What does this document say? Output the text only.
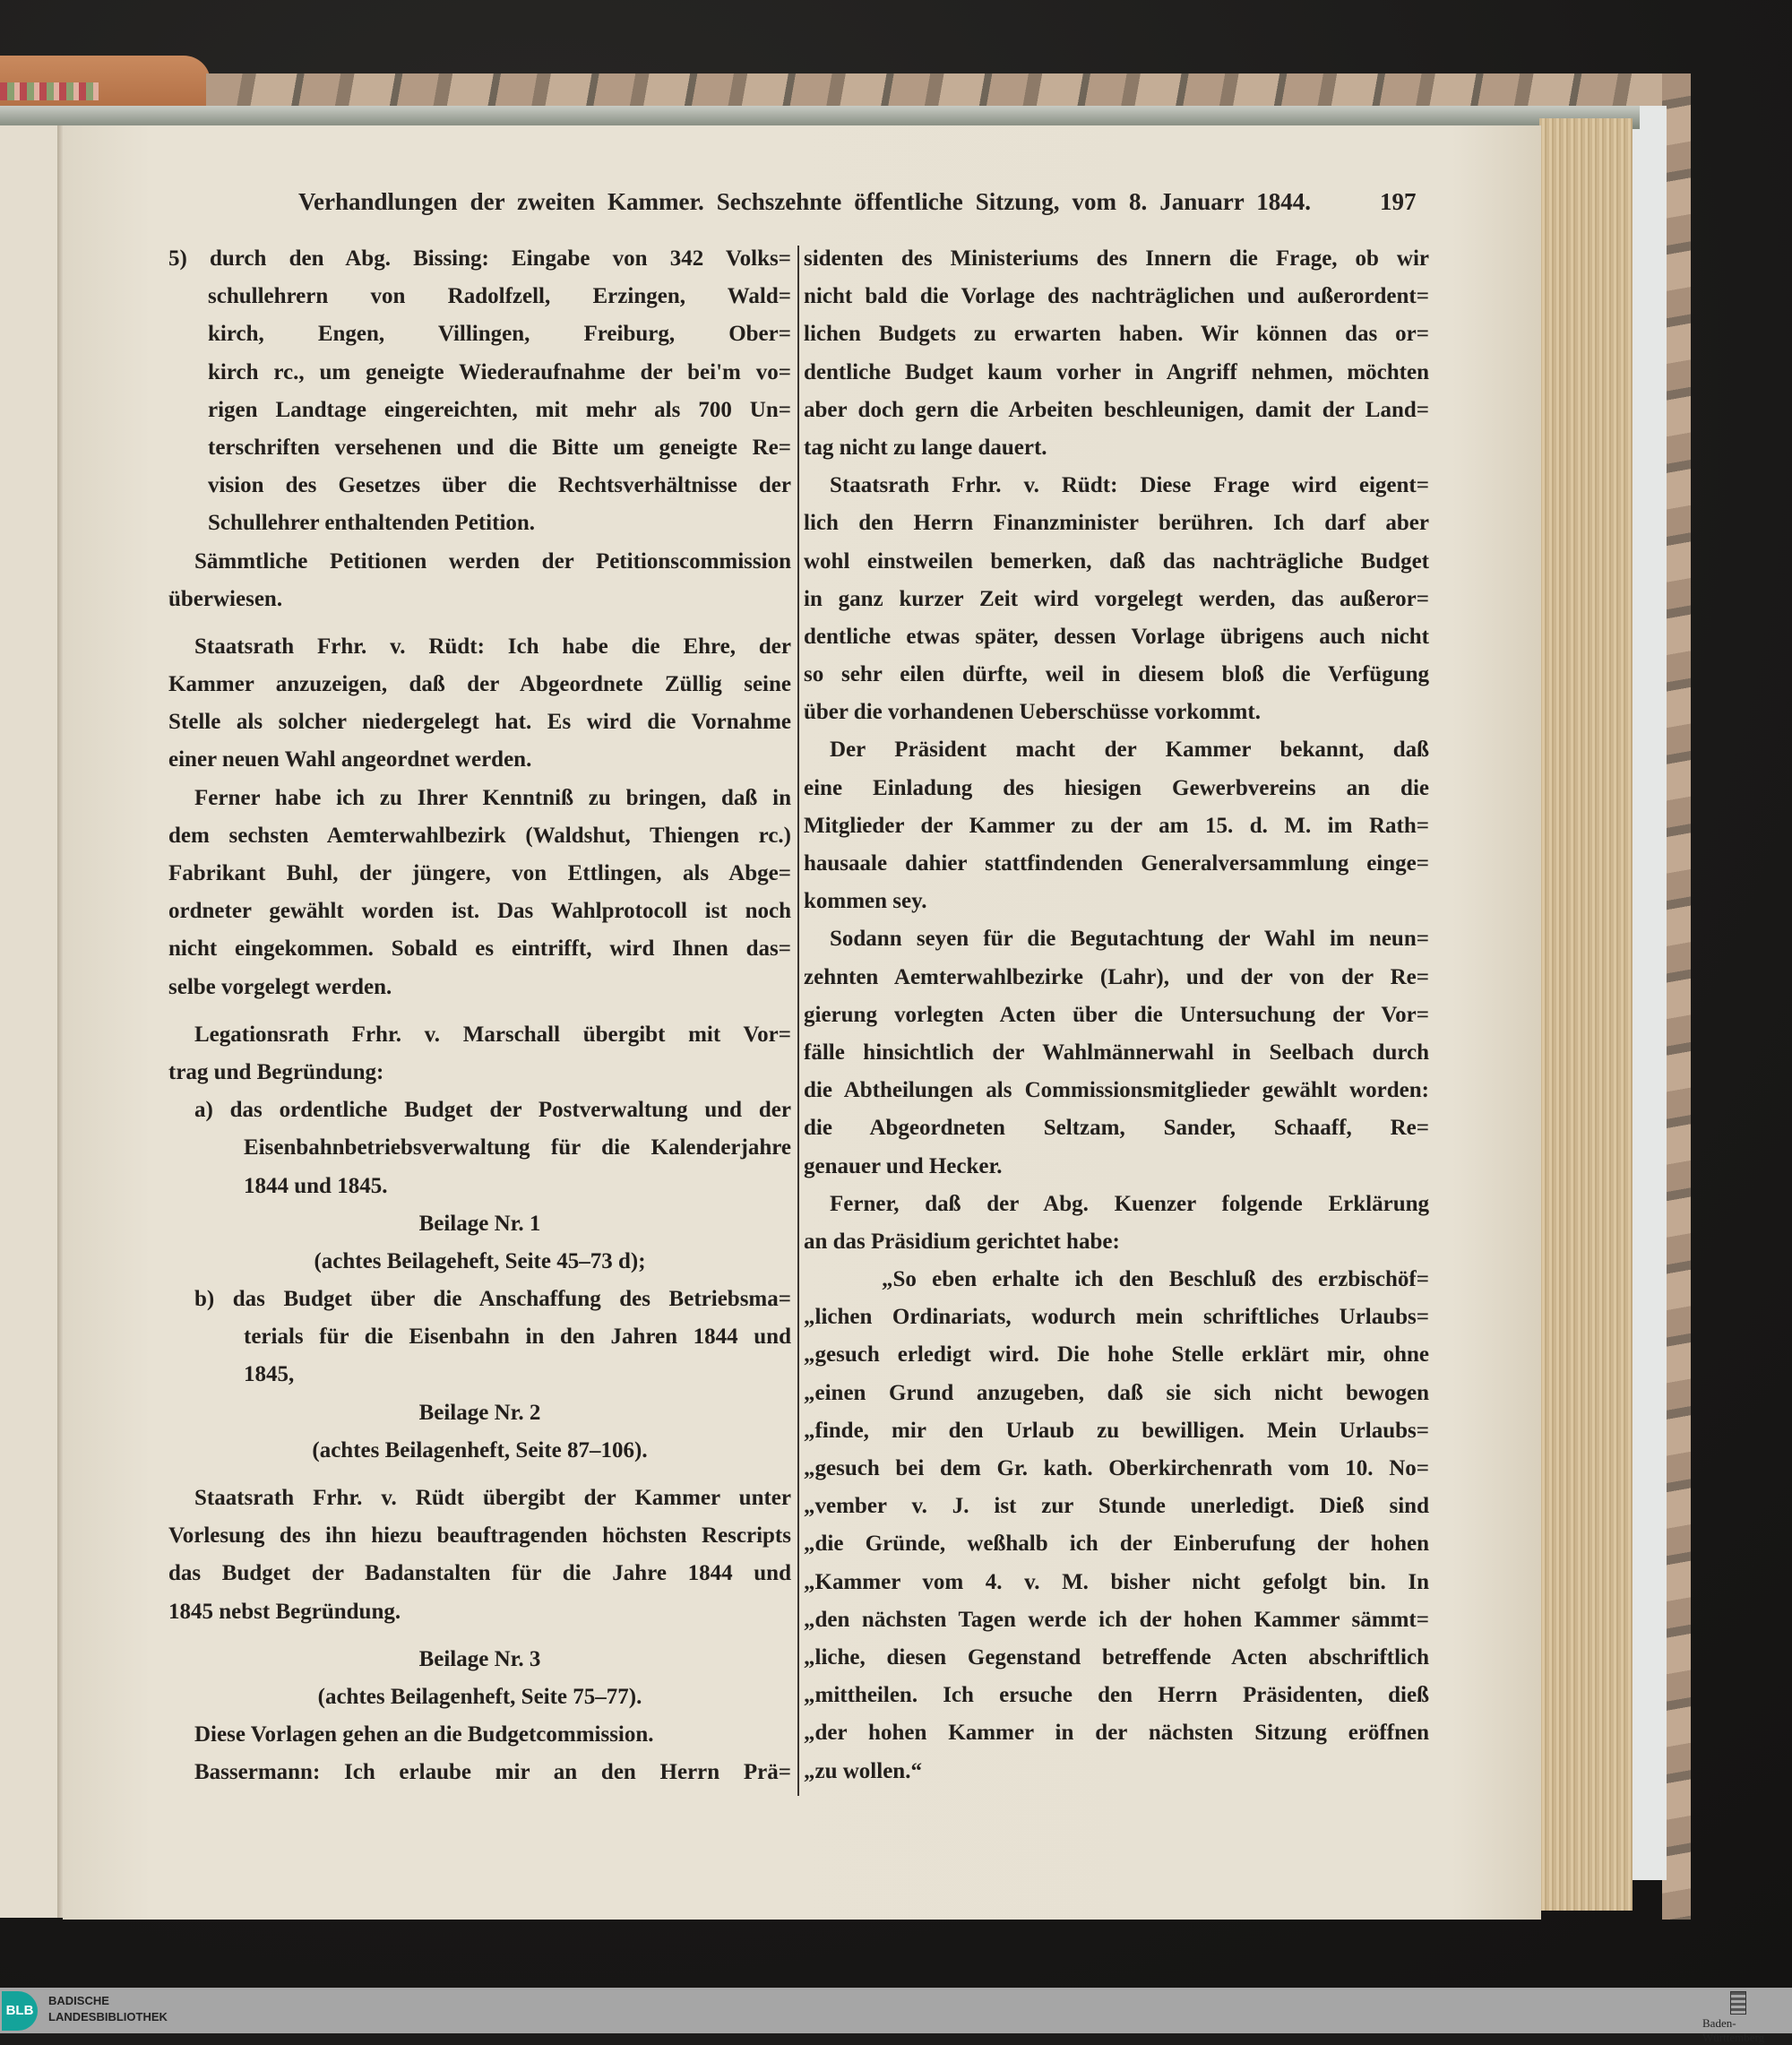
Verhandlungen der zweiten Kammer. Sechszehnte öffentliche Sitzung, vom 8. Januarr 1844.	197
5) durch den Abg. Bissing: Eingabe von 342 Volks=
schullehrern von Radolfzell, Erzingen, Wald=
kirch, Engen, Villingen, Freiburg, Ober=
kirch rc., um geneigte Wiederaufnahme der bei'm vo=
rigen Landtage eingereichten, mit mehr als 700 Un=
terschriften versehenen und die Bitte um geneigte Re=
vision des Gesetzes über die Rechtsverhältnisse der
Schullehrer enthaltenden Petition.
Sämmtliche Petitionen werden der Petitionscommission
überwiesen.
Staatsrath Frhr. v. Rüdt: Ich habe die Ehre, der
Kammer anzuzeigen, daß der Abgeordnete Züllig seine
Stelle als solcher niedergelegt hat. Es wird die Vornahme
einer neuen Wahl angeordnet werden.
Ferner habe ich zu Ihrer Kenntniß zu bringen, daß in
dem sechsten Aemterwahlbezirk (Waldshut, Thiengen rc.)
Fabrikant Buhl, der jüngere, von Ettlingen, als Abge=
ordneter gewählt worden ist. Das Wahlprotocoll ist noch
nicht eingekommen. Sobald es eintrifft, wird Ihnen das=
selbe vorgelegt werden.
Legationsrath Frhr. v. Marschall übergibt mit Vor=
trag und Begründung:
a) das ordentliche Budget der Postverwaltung und der
Eisenbahnbetriebsverwaltung für die Kalenderjahre
1844 und 1845.
Beilage Nr. 1
(achtes Beilageheft, Seite 45–73 d);
b) das Budget über die Anschaffung des Betriebsma=
terials für die Eisenbahn in den Jahren 1844 und
1845,
Beilage Nr. 2
(achtes Beilagenheft, Seite 87–106).
Staatsrath Frhr. v. Rüdt übergibt der Kammer unter
Vorlesung des ihn hiezu beauftragenden höchsten Rescripts
das Budget der Badanstalten für die Jahre 1844 und
1845 nebst Begründung.
Beilage Nr. 3
(achtes Beilagenheft, Seite 75–77).
Diese Vorlagen gehen an die Budgetcommission.
Bassermann: Ich erlaube mir an den Herrn Prä=
sidenten des Ministeriums des Innern die Frage, ob wir
nicht bald die Vorlage des nachträglichen und außerordent=
lichen Budgets zu erwarten haben. Wir können das or=
dentliche Budget kaum vorher in Angriff nehmen, möchten
aber doch gern die Arbeiten beschleunigen, damit der Land=
tag nicht zu lange dauert.
Staatsrath Frhr. v. Rüdt: Diese Frage wird eigent=
lich den Herrn Finanzminister berühren. Ich darf aber
wohl einstweilen bemerken, daß das nachträgliche Budget
in ganz kurzer Zeit wird vorgelegt werden, das außeror=
dentliche etwas später, dessen Vorlage übrigens auch nicht
so sehr eilen dürfte, weil in diesem bloß die Verfügung
über die vorhandenen Ueberschüsse vorkommt.
Der Präsident macht der Kammer bekannt, daß
eine Einladung des hiesigen Gewerbvereins an die
Mitglieder der Kammer zu der am 15. d. M. im Rath=
hausaale dahier stattfindenden Generalversammlung einge=
kommen sey.
Sodann seyen für die Begutachtung der Wahl im neun=
zehnten Aemterwahlbezirke (Lahr), und der von der Re=
gierung vorlegten Acten über die Untersuchung der Vor=
fälle hinsichtlich der Wahlmännerwahl in Seelbach durch
die Abtheilungen als Commissionsmitglieder gewählt worden:
die Abgeordneten Seltzam, Sander, Schaaff, Re=
genauer und Hecker.
Ferner, daß der Abg. Kuenzer folgende Erklärung
an das Präsidium gerichtet habe:
„So eben erhalte ich den Beschluß des erzbischöf=
„lichen Ordinariats, wodurch mein schriftliches Urlaubs=
„gesuch erledigt wird. Die hohe Stelle erklärt mir, ohne
„einen Grund anzugeben, daß sie sich nicht bewogen
„finde, mir den Urlaub zu bewilligen. Mein Urlaubs=
„gesuch bei dem Gr. kath. Oberkirchenrath vom 10. No=
„vember v. J. ist zur Stunde unerledigt. Dieß sind
„die Gründe, weßhalb ich der Einberufung der hohen
„Kammer vom 4. v. M. bisher nicht gefolgt bin. In
„den nächsten Tagen werde ich der hohen Kammer sämmt=
„liche, diesen Gegenstand betreffende Acten abschriftlich
„mittheilen. Ich ersuche den Herrn Präsidenten, dieß
„der hohen Kammer in der nächsten Sitzung eröffnen
„zu wollen.“
BLB
BADISCHE
LANDESBIBLIOTHEK	Baden-Württemberg
